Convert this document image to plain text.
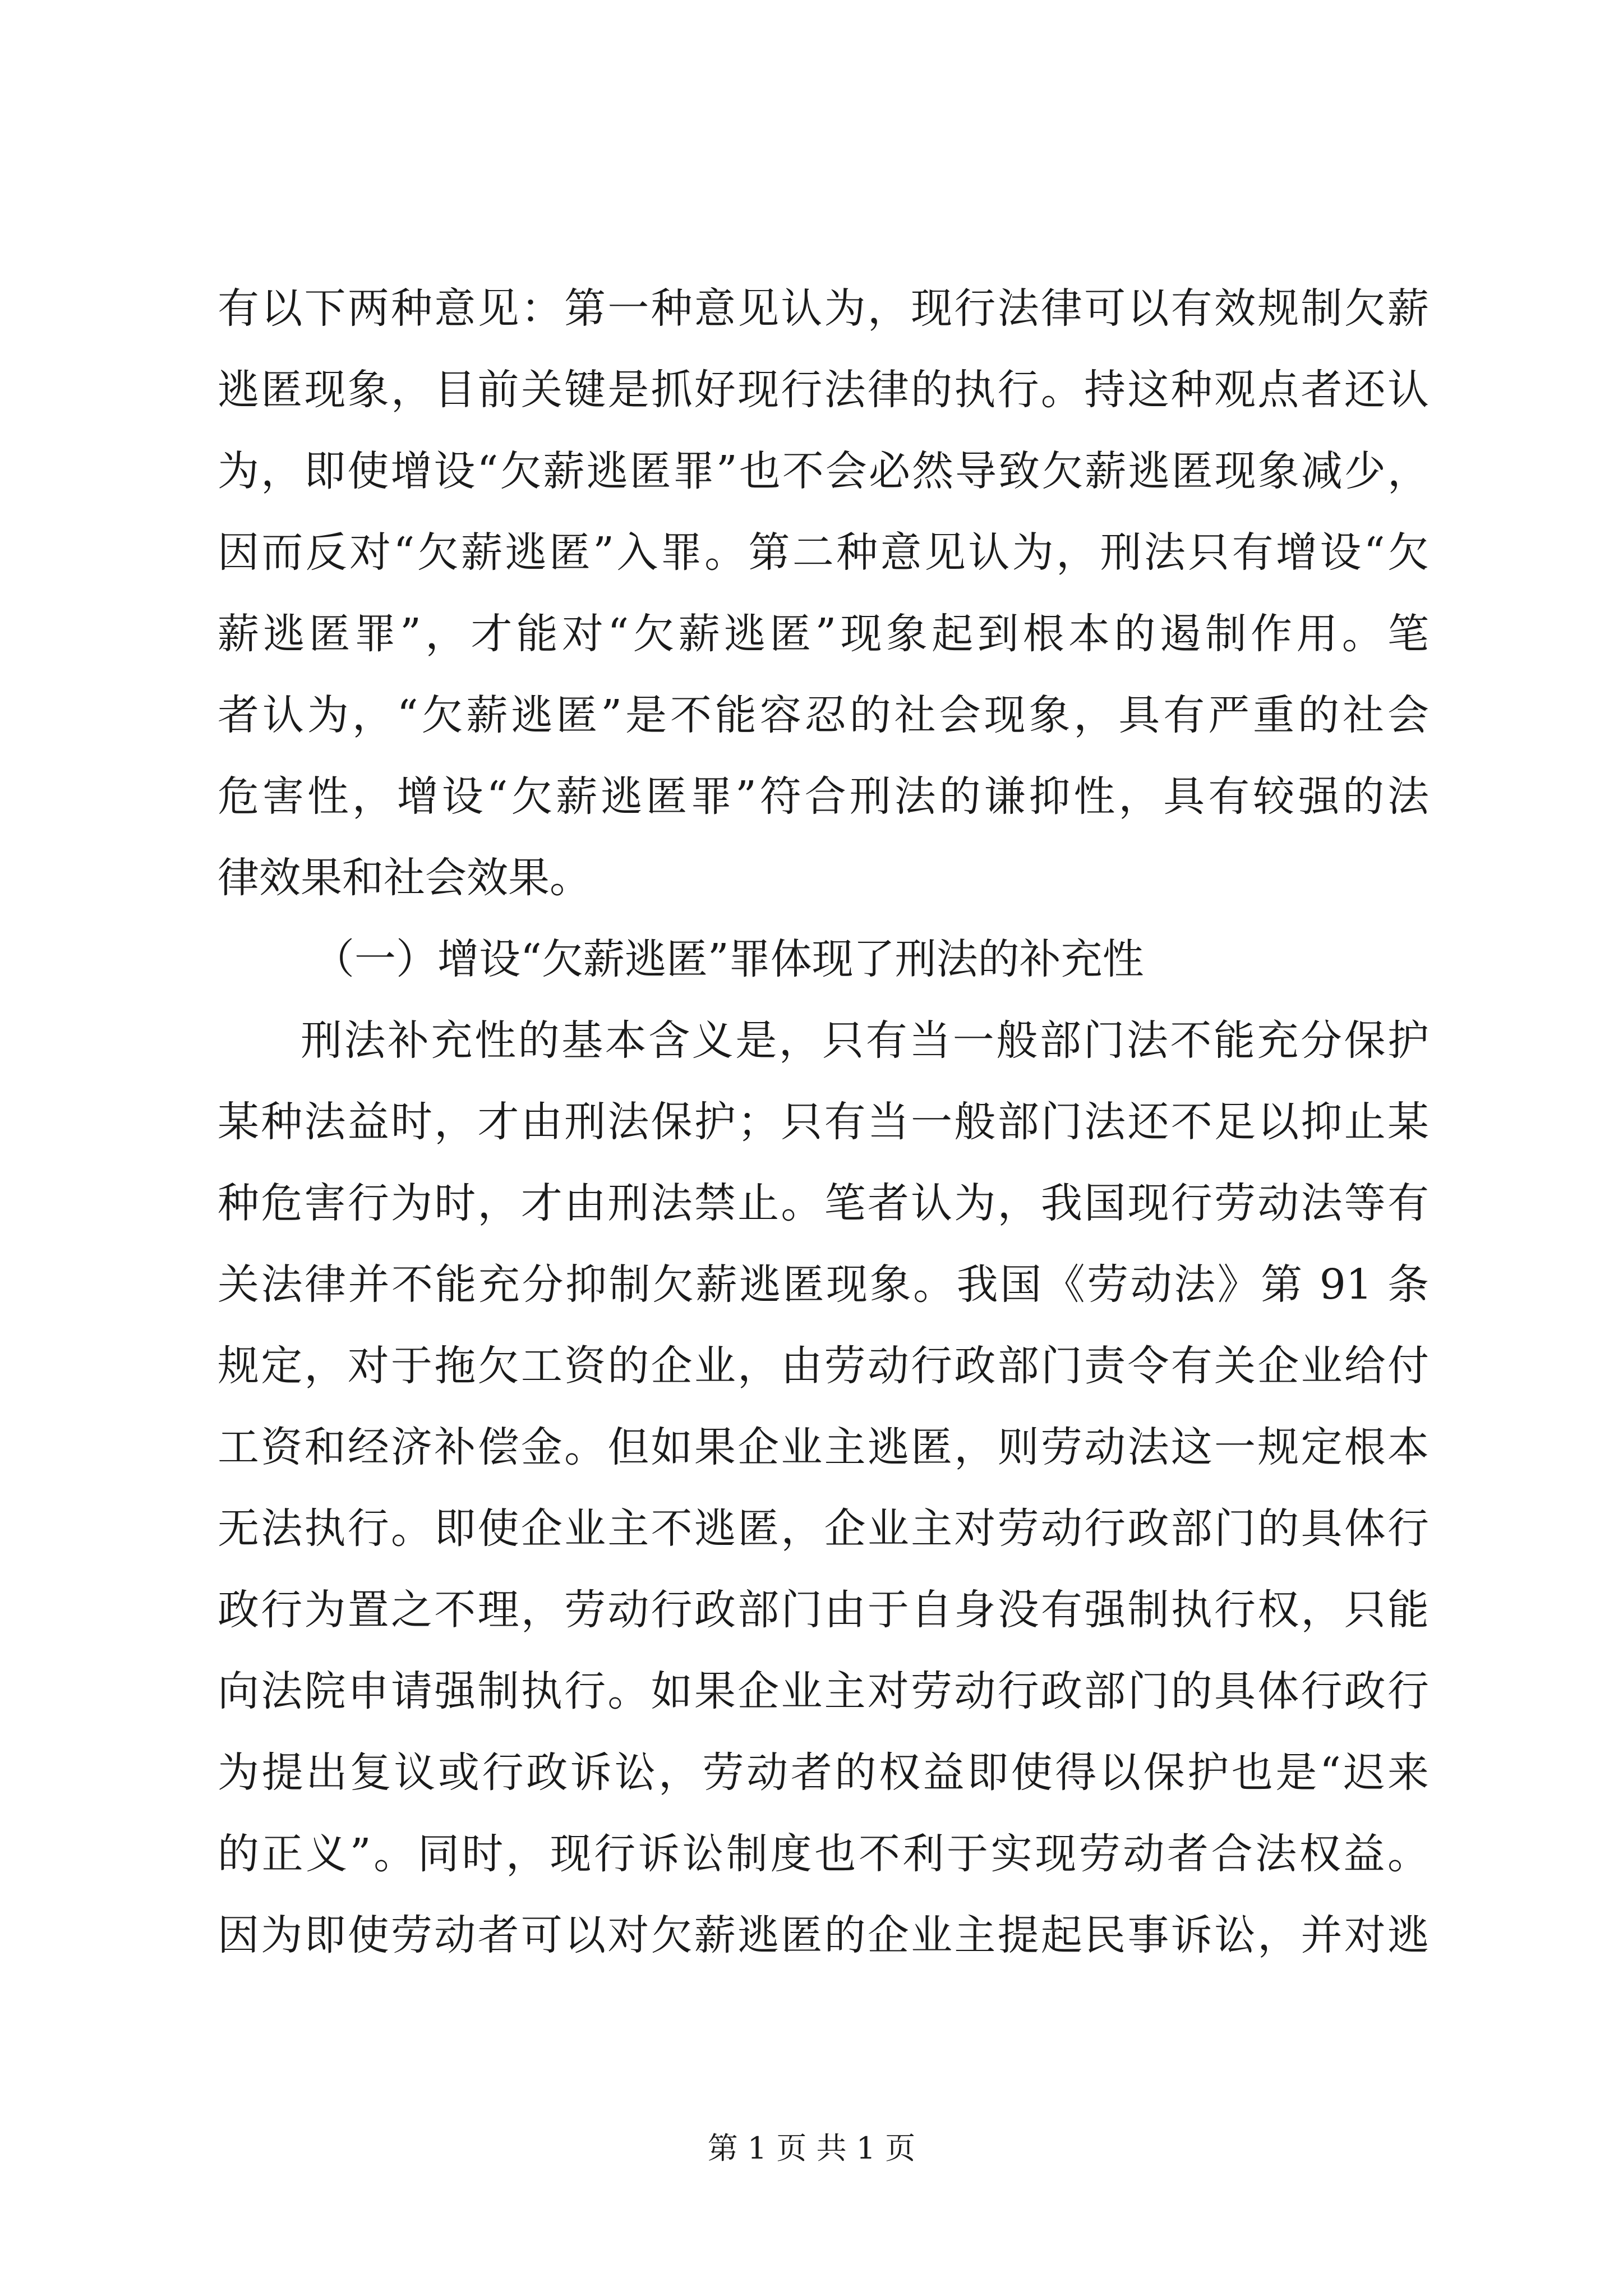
有以下两种意见：第一种意见认为，现行法律可以有效规制欠薪
逃匿现象，目前关键是抓好现行法律的执行。持这种观点者还认
为，即使增设“欠薪逃匿罪”也不会必然导致欠薪逃匿现象减少，
因而反对“欠薪逃匿”入罪。第二种意见认为，刑法只有增设“欠
薪逃匿罪”，才能对“欠薪逃匿”现象起到根本的遏制作用。笔
者认为，“欠薪逃匿”是不能容忍的社会现象，具有严重的社会
危害性，增设“欠薪逃匿罪”符合刑法的谦抑性，具有较强的法
律效果和社会效果。
（一）增设“欠薪逃匿”罪体现了刑法的补充性
刑法补充性的基本含义是，只有当一般部门法不能充分保护
某种法益时，才由刑法保护；只有当一般部门法还不足以抑止某
种危害行为时，才由刑法禁止。笔者认为，我国现行劳动法等有
关法律并不能充分抑制欠薪逃匿现象。我国《劳动法》第 91 条
规定，对于拖欠工资的企业，由劳动行政部门责令有关企业给付
工资和经济补偿金。但如果企业主逃匿，则劳动法这一规定根本
无法执行。即使企业主不逃匿，企业主对劳动行政部门的具体行
政行为置之不理，劳动行政部门由于自身没有强制执行权，只能
向法院申请强制执行。如果企业主对劳动行政部门的具体行政行
为提出复议或行政诉讼，劳动者的权益即使得以保护也是“迟来
的正义”。同时，现行诉讼制度也不利于实现劳动者合法权益。
因为即使劳动者可以对欠薪逃匿的企业主提起民事诉讼，并对逃
第 1 页 共 1 页
